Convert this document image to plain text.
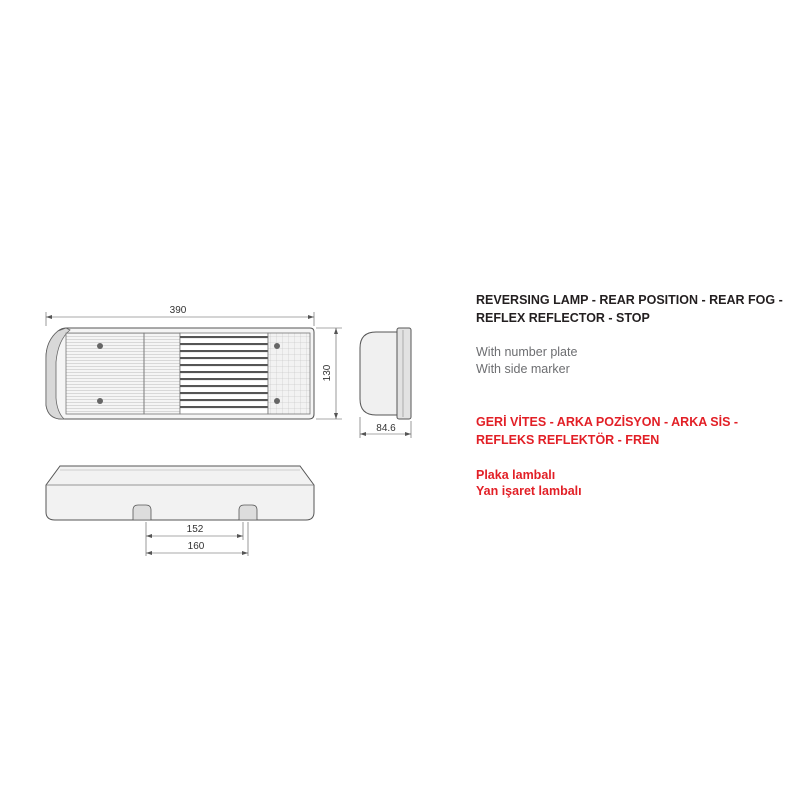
390
130
84.6
152
160

REVERSING LAMP - REAR POSITION - REAR FOG -

REFLEX REFLECTOR - STOP

With number plate

With side marker

GERİ VİTES - ARKA POZİSYON - ARKA SİS -

REFLEKS REFLEKTÖR - FREN

Plaka lambalı

Yan işaret lambalı
